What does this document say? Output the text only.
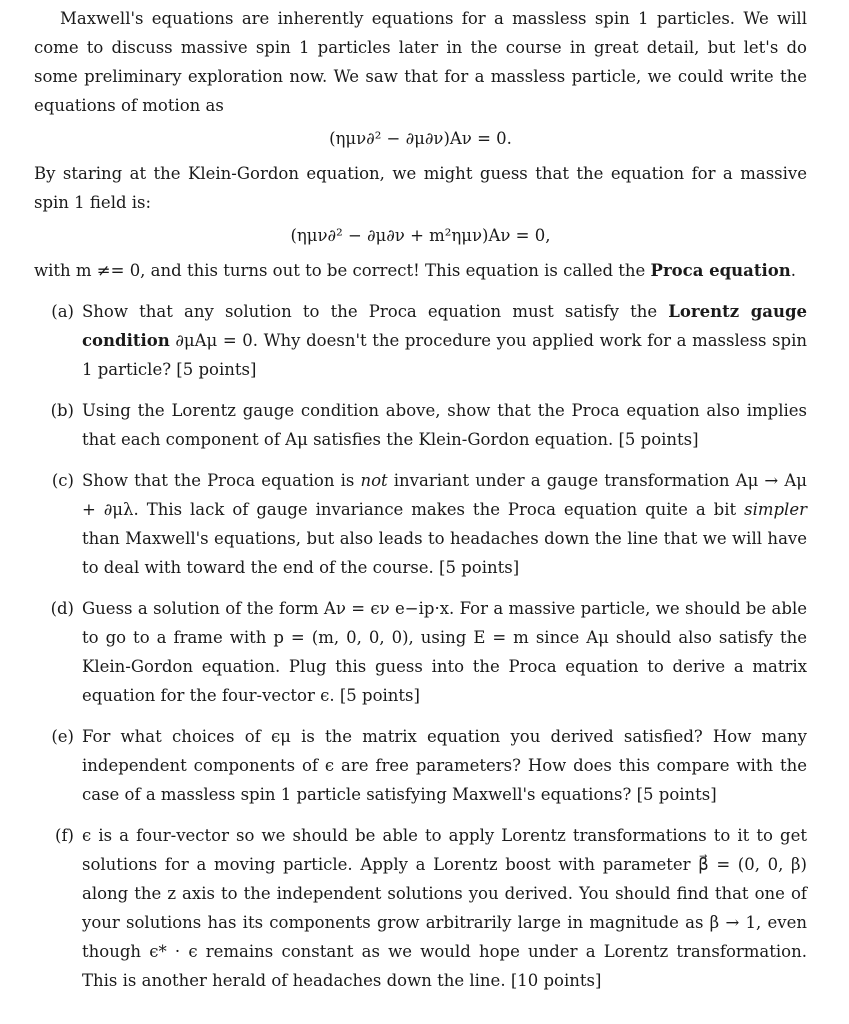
Maxwell's equations are inherently equations for a massless spin 1 particles. We will come to discuss massive spin 1 particles later in the course in great detail, but let's do some preliminary exploration now. We saw that for a massless particle, we could write the equations of motion as

(ημν∂² − ∂μ∂ν)Aν = 0.

By staring at the Klein-Gordon equation, we might guess that the equation for a massive spin 1 field is:

(ημν∂² − ∂μ∂ν + m²ημν)Aν = 0,

with m ≠= 0, and this turns out to be correct! This equation is called the Proca equation.

(a) Show that any solution to the Proca equation must satisfy the Lorentz gauge condition ∂μAμ = 0. Why doesn't the procedure you applied work for a massless spin 1 particle? [5 points]
(b) Using the Lorentz gauge condition above, show that the Proca equation also implies that each component of Aμ satisfies the Klein-Gordon equation. [5 points]
(c) Show that the Proca equation is not invariant under a gauge transformation Aμ → Aμ + ∂μλ. This lack of gauge invariance makes the Proca equation quite a bit simpler than Maxwell's equations, but also leads to headaches down the line that we will have to deal with toward the end of the course. [5 points]
(d) Guess a solution of the form Aν = ϵν e−ip·x. For a massive particle, we should be able to go to a frame with p = (m, 0, 0, 0), using E = m since Aμ should also satisfy the Klein-Gordon equation. Plug this guess into the Proca equation to derive a matrix equation for the four-vector ϵ. [5 points]
(e) For what choices of ϵμ is the matrix equation you derived satisfied? How many independent components of ϵ are free parameters? How does this compare with the case of a massless spin 1 particle satisfying Maxwell's equations? [5 points]
(f) ϵ is a four-vector so we should be able to apply Lorentz transformations to it to get solutions for a moving particle. Apply a Lorentz boost with parameter β⃗ = (0, 0, β) along the z axis to the independent solutions you derived. You should find that one of your solutions has its components grow arbitrarily large in magnitude as β → 1, even though ϵ* · ϵ remains constant as we would hope under a Lorentz transformation. This is another herald of headaches down the line. [10 points]
